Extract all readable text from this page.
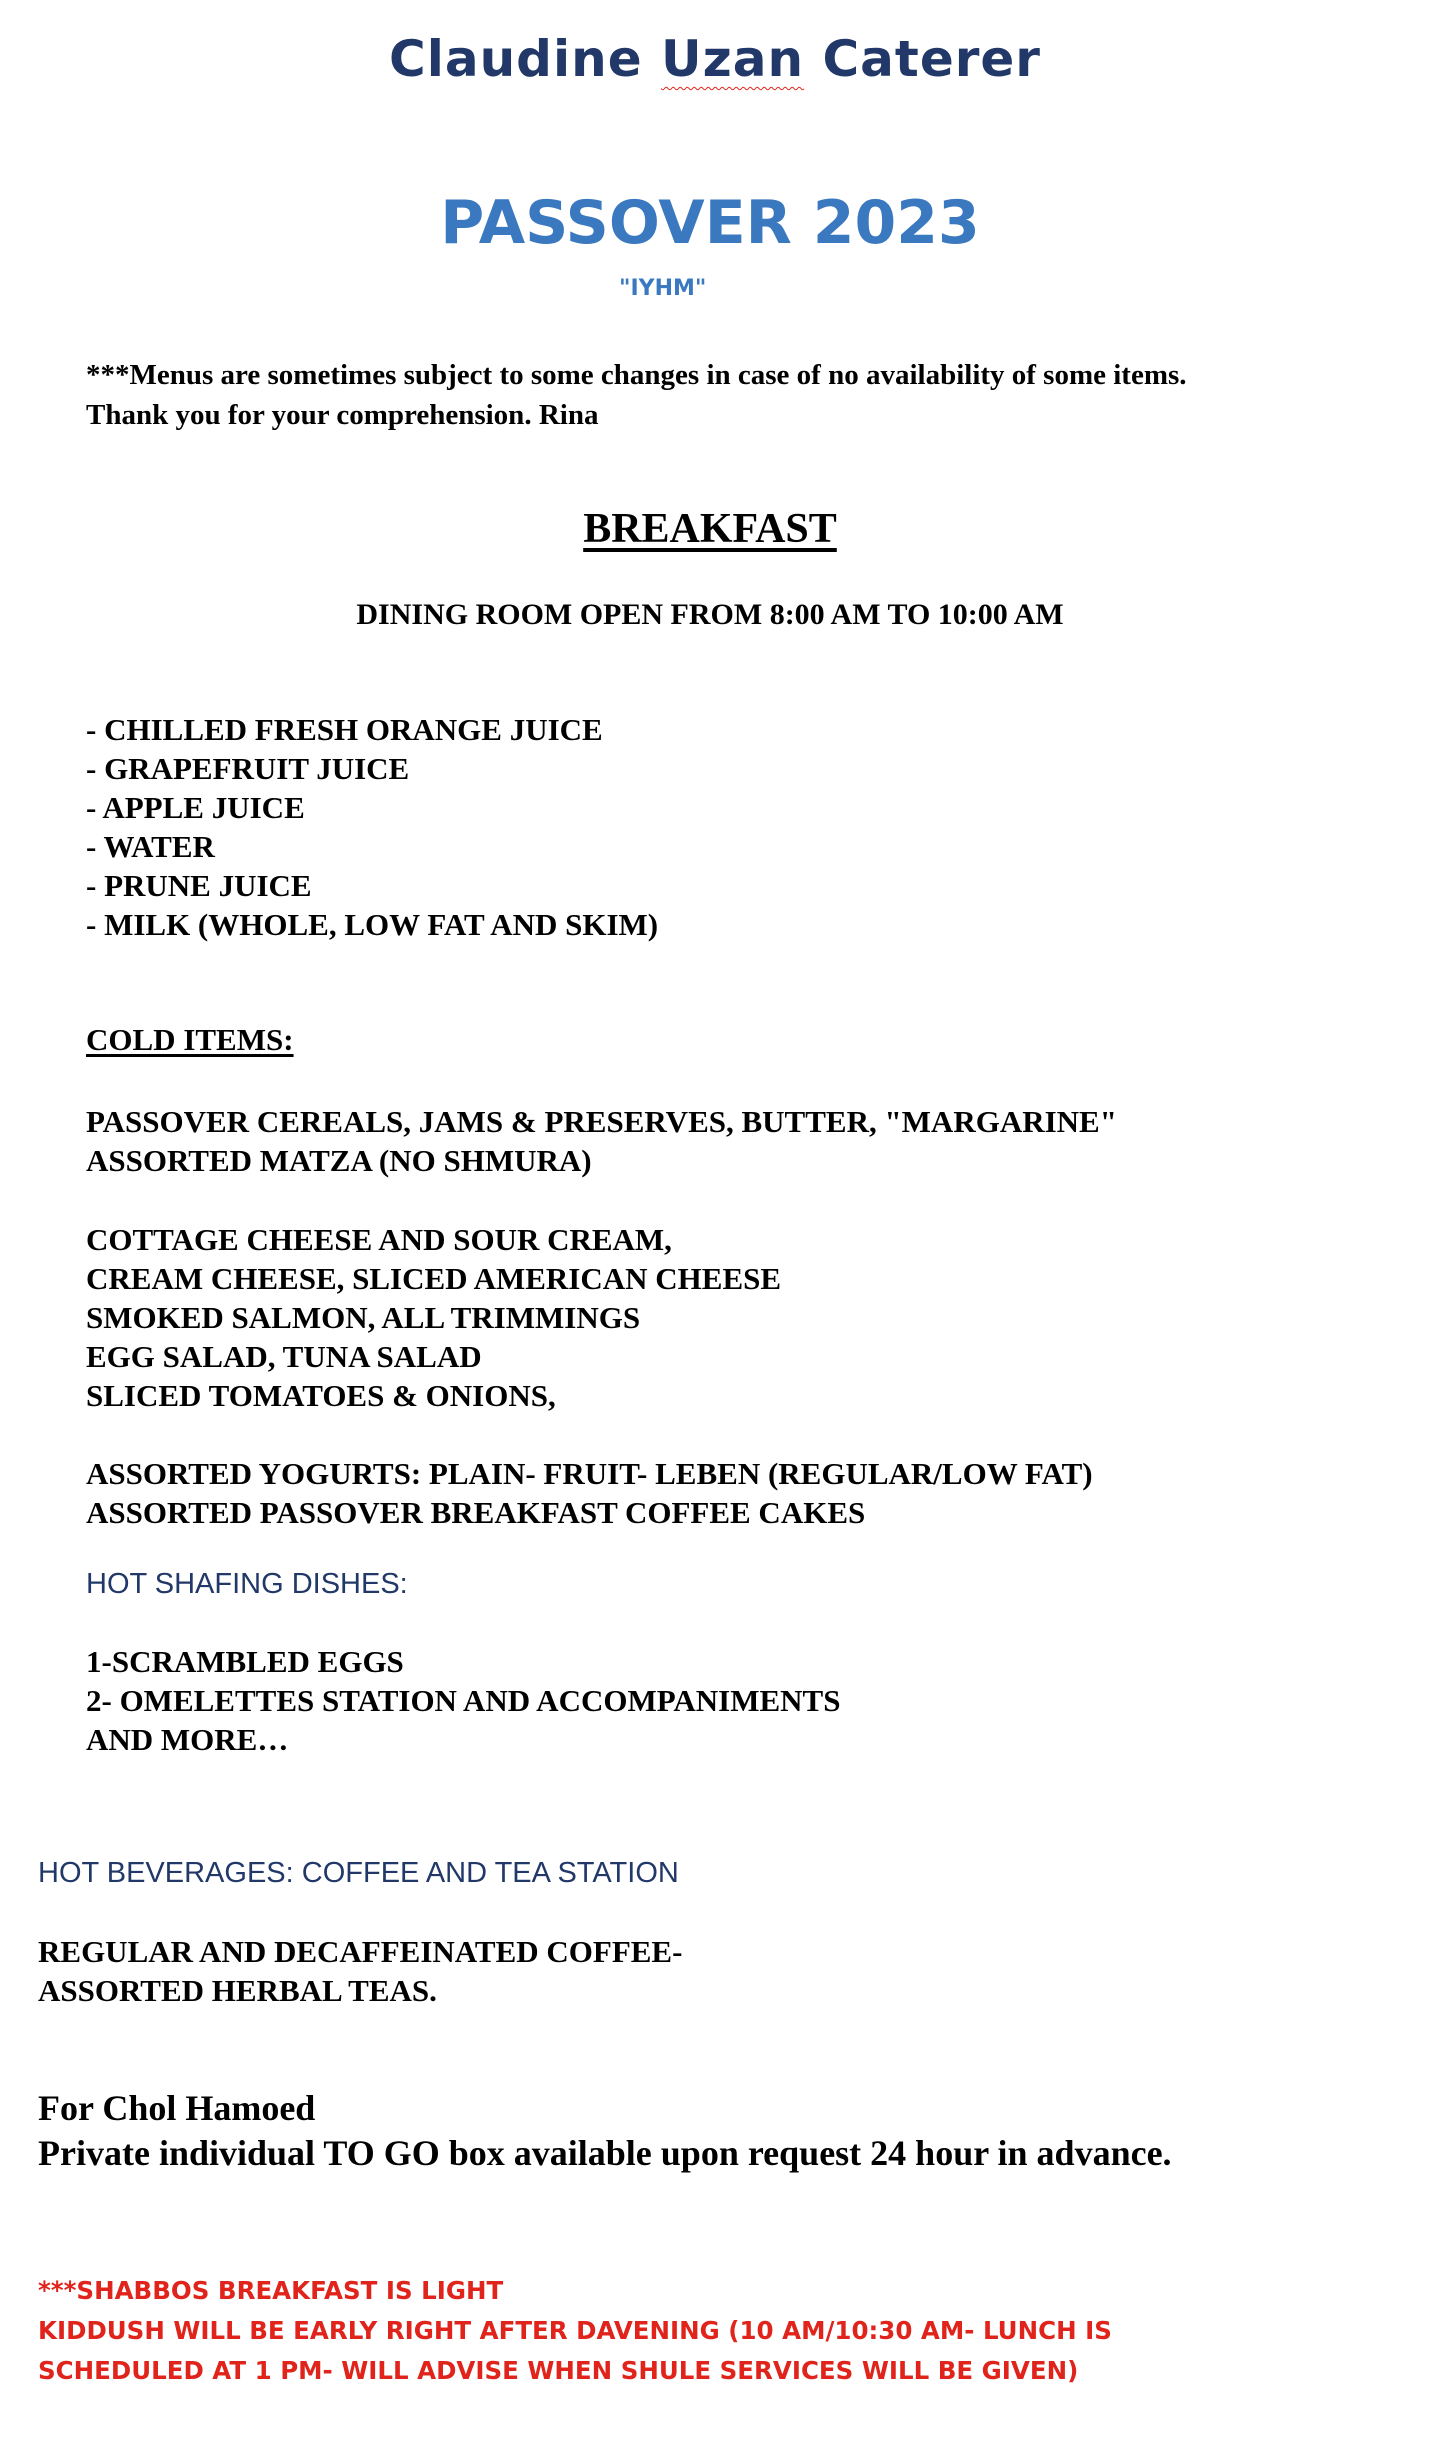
Claudine Uzan Caterer
PASSOVER 2023
"IYHM"
***Menus are sometimes subject to some changes in case of no availability of some items.
Thank you for your comprehension. Rina
BREAKFAST
DINING ROOM OPEN FROM 8:00 AM TO 10:00 AM
- CHILLED FRESH ORANGE JUICE
- GRAPEFRUIT JUICE
- APPLE JUICE
- WATER
- PRUNE JUICE
- MILK (WHOLE, LOW FAT AND SKIM)
COLD ITEMS:
PASSOVER CEREALS, JAMS & PRESERVES, BUTTER, "MARGARINE"
ASSORTED MATZA (NO SHMURA)
COTTAGE CHEESE AND SOUR CREAM,
CREAM CHEESE, SLICED AMERICAN CHEESE
SMOKED SALMON, ALL TRIMMINGS
EGG SALAD, TUNA SALAD
SLICED TOMATOES & ONIONS,
ASSORTED YOGURTS: PLAIN- FRUIT- LEBEN (REGULAR/LOW FAT)
ASSORTED PASSOVER BREAKFAST COFFEE CAKES
HOT SHAFING DISHES:
1-SCRAMBLED EGGS
2- OMELETTES STATION AND ACCOMPANIMENTS
AND MORE…
HOT BEVERAGES: COFFEE AND TEA STATION
REGULAR AND DECAFFEINATED COFFEE-
ASSORTED HERBAL TEAS.
For Chol Hamoed
Private individual TO GO box available upon request 24 hour in advance.
***SHABBOS BREAKFAST IS LIGHT
KIDDUSH WILL BE EARLY RIGHT AFTER DAVENING (10 AM/10:30 AM- LUNCH IS
SCHEDULED AT 1 PM- WILL ADVISE WHEN SHULE SERVICES WILL BE GIVEN)
